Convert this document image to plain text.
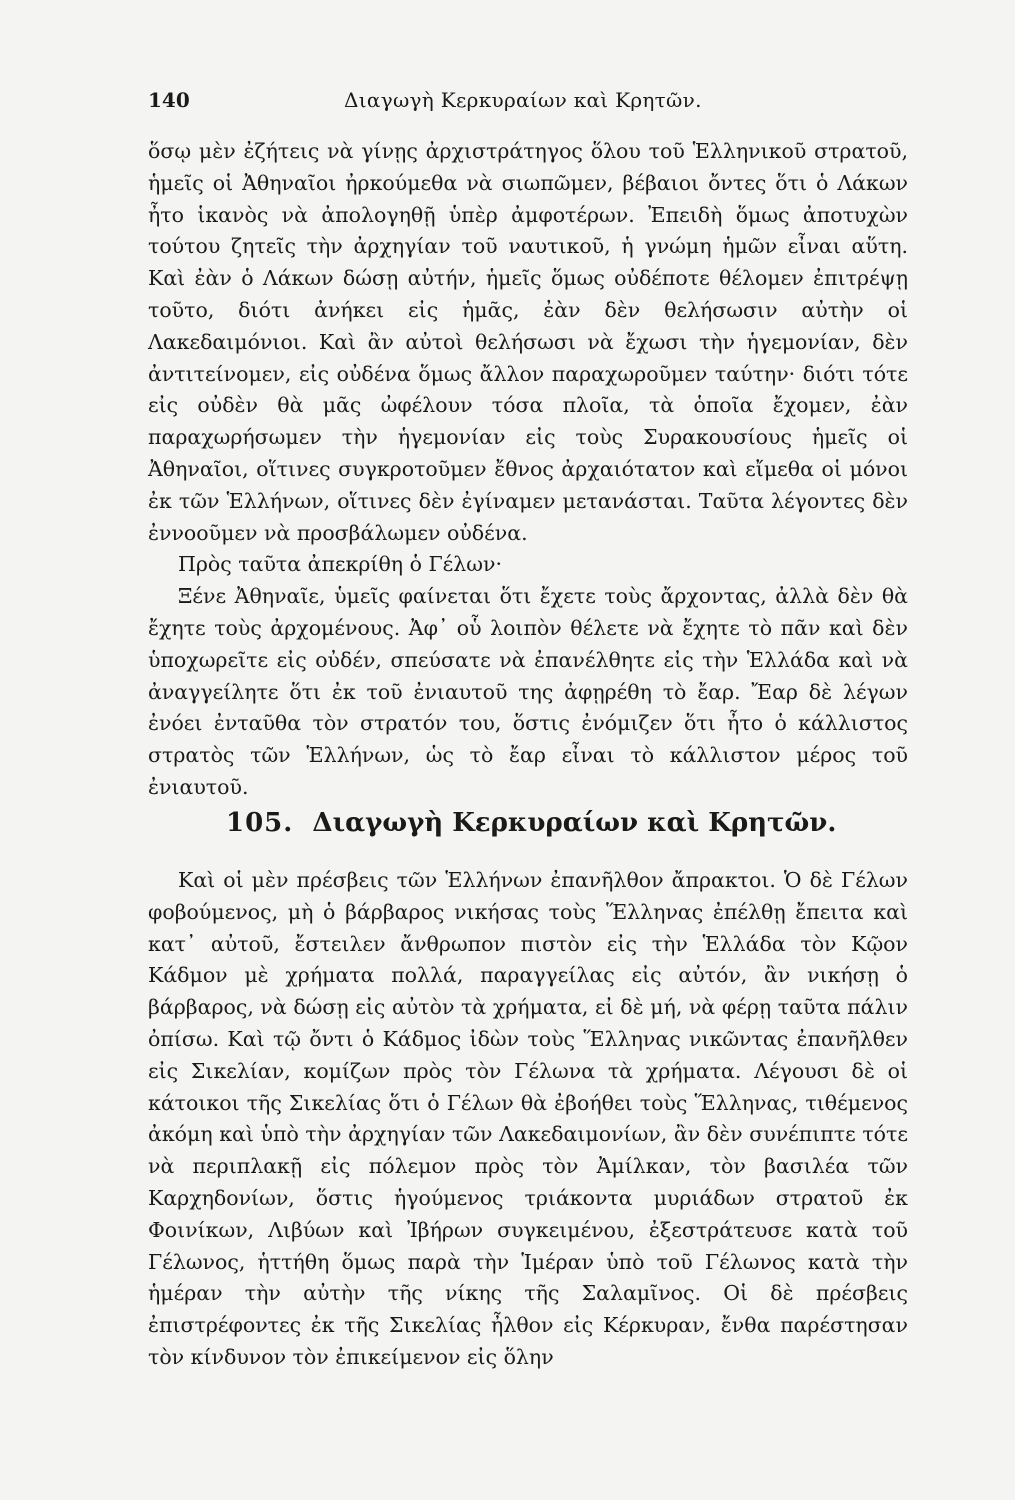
140	Διαγωγὴ Κερκυραίων καὶ Κρητῶν.

ὅσῳ μὲν ἐζήτεις νὰ γίνῃς ἀρχιστράτηγος ὅλου τοῦ Ἑλληνικοῦ στρατοῦ, ἡμεῖς οἱ Ἀθηναῖοι ἠρκούμεθα νὰ σιωπῶμεν, βέβαιοι ὄντες ὅτι ὁ Λάκων ἦτο ἱκανὸς νὰ ἀπολογηθῇ ὑπὲρ ἀμφοτέρων. Ἐπειδὴ ὅμως ἀποτυχὼν τούτου ζητεῖς τὴν ἀρχηγίαν τοῦ ναυτικοῦ, ἡ γνώμη ἡμῶν εἶναι αὕτη. Καὶ ἐὰν ὁ Λάκων δώσῃ αὐτήν, ἡμεῖς ὅμως οὐδέποτε θέλομεν ἐπιτρέψῃ τοῦτο, διότι ἀνήκει εἰς ἡμᾶς, ἐὰν δὲν θελήσωσιν αὐτὴν οἱ Λακεδαιμόνιοι. Καὶ ἂν αὐτοὶ θελήσωσι νὰ ἔχωσι τὴν ἡγεμονίαν, δὲν ἀντιτείνομεν, εἰς οὐδένα ὅμως ἄλλον παραχωροῦμεν ταύτην· διότι τότε εἰς οὐδὲν θὰ μᾶς ὠφέλουν τόσα πλοῖα, τὰ ὁποῖα ἔχομεν, ἐὰν παραχωρήσωμεν τὴν ἡγεμονίαν εἰς τοὺς Συρακουσίους ἡμεῖς οἱ Ἀθηναῖοι, οἵτινες συγκροτοῦμεν ἔθνος ἀρχαιότατον καὶ εἴμεθα οἱ μόνοι ἐκ τῶν Ἑλλήνων, οἵτινες δὲν ἐγίναμεν μετανάσται. Ταῦτα λέγοντες δὲν ἐννοοῦμεν νὰ προσβάλωμεν οὐδένα.

Πρὸς ταῦτα ἀπεκρίθη ὁ Γέλων·

Ξένε Ἀθηναῖε, ὑμεῖς φαίνεται ὅτι ἔχετε τοὺς ἄρχοντας, ἀλλὰ δὲν θὰ ἔχητε τοὺς ἀρχομένους. Ἀφ᾽ οὗ λοιπὸν θέλετε νὰ ἔχητε τὸ πᾶν καὶ δὲν ὑποχωρεῖτε εἰς οὐδέν, σπεύσατε νὰ ἐπανέλθητε εἰς τὴν Ἑλλάδα καὶ νὰ ἀναγγείλητε ὅτι ἐκ τοῦ ἐνιαυτοῦ της ἀφῃρέθη τὸ ἔαρ. Ἔαρ δὲ λέγων ἐνόει ἐνταῦθα τὸν στρατόν του, ὅστις ἐνόμιζεν ὅτι ἦτο ὁ κάλλιστος στρατὸς τῶν Ἑλλήνων, ὡς τὸ ἔαρ εἶναι τὸ κάλλιστον μέρος τοῦ ἐνιαυτοῦ.

105. Διαγωγὴ Κερκυραίων καὶ Κρητῶν.

Καὶ οἱ μὲν πρέσβεις τῶν Ἑλλήνων ἐπανῆλθον ἄπρακτοι. Ὁ δὲ Γέλων φοβούμενος, μὴ ὁ βάρβαρος νικήσας τοὺς Ἕλληνας ἐπέλθῃ ἔπειτα καὶ κατ᾽ αὐτοῦ, ἔστειλεν ἄνθρωπον πιστὸν εἰς τὴν Ἑλλάδα τὸν Κῷον Κάδμον μὲ χρήματα πολλά, παραγγείλας εἰς αὐτόν, ἂν νικήσῃ ὁ βάρβαρος, νὰ δώσῃ εἰς αὐτὸν τὰ χρήματα, εἰ δὲ μή, νὰ φέρῃ ταῦτα πάλιν ὀπίσω. Καὶ τῷ ὄντι ὁ Κάδμος ἰδὼν τοὺς Ἕλληνας νικῶντας ἐπανῆλθεν εἰς Σικελίαν, κομίζων πρὸς τὸν Γέλωνα τὰ χρήματα. Λέγουσι δὲ οἱ κάτοικοι τῆς Σικελίας ὅτι ὁ Γέλων θὰ ἐβοήθει τοὺς Ἕλληνας, τιθέμενος ἀκόμη καὶ ὑπὸ τὴν ἀρχηγίαν τῶν Λακεδαιμονίων, ἂν δὲν συνέπιπτε τότε νὰ περιπλακῇ εἰς πόλεμον πρὸς τὸν Ἀμίλκαν, τὸν βασιλέα τῶν Καρχηδονίων, ὅστις ἡγούμενος τριάκοντα μυριάδων στρατοῦ ἐκ Φοινίκων, Λιβύων καὶ Ἰβήρων συγκειμένου, ἐξεστράτευσε κατὰ τοῦ Γέλωνος, ἡττήθη ὅμως παρὰ τὴν Ἱμέραν ὑπὸ τοῦ Γέλωνος κατὰ τὴν ἡμέραν τὴν αὐτὴν τῆς νίκης τῆς Σαλαμῖνος. Οἱ δὲ πρέσβεις ἐπιστρέφοντες ἐκ τῆς Σικελίας ἦλθον εἰς Κέρκυραν, ἔνθα παρέστησαν τὸν κίνδυνον τὸν ἐπικείμενον εἰς ὅλην
